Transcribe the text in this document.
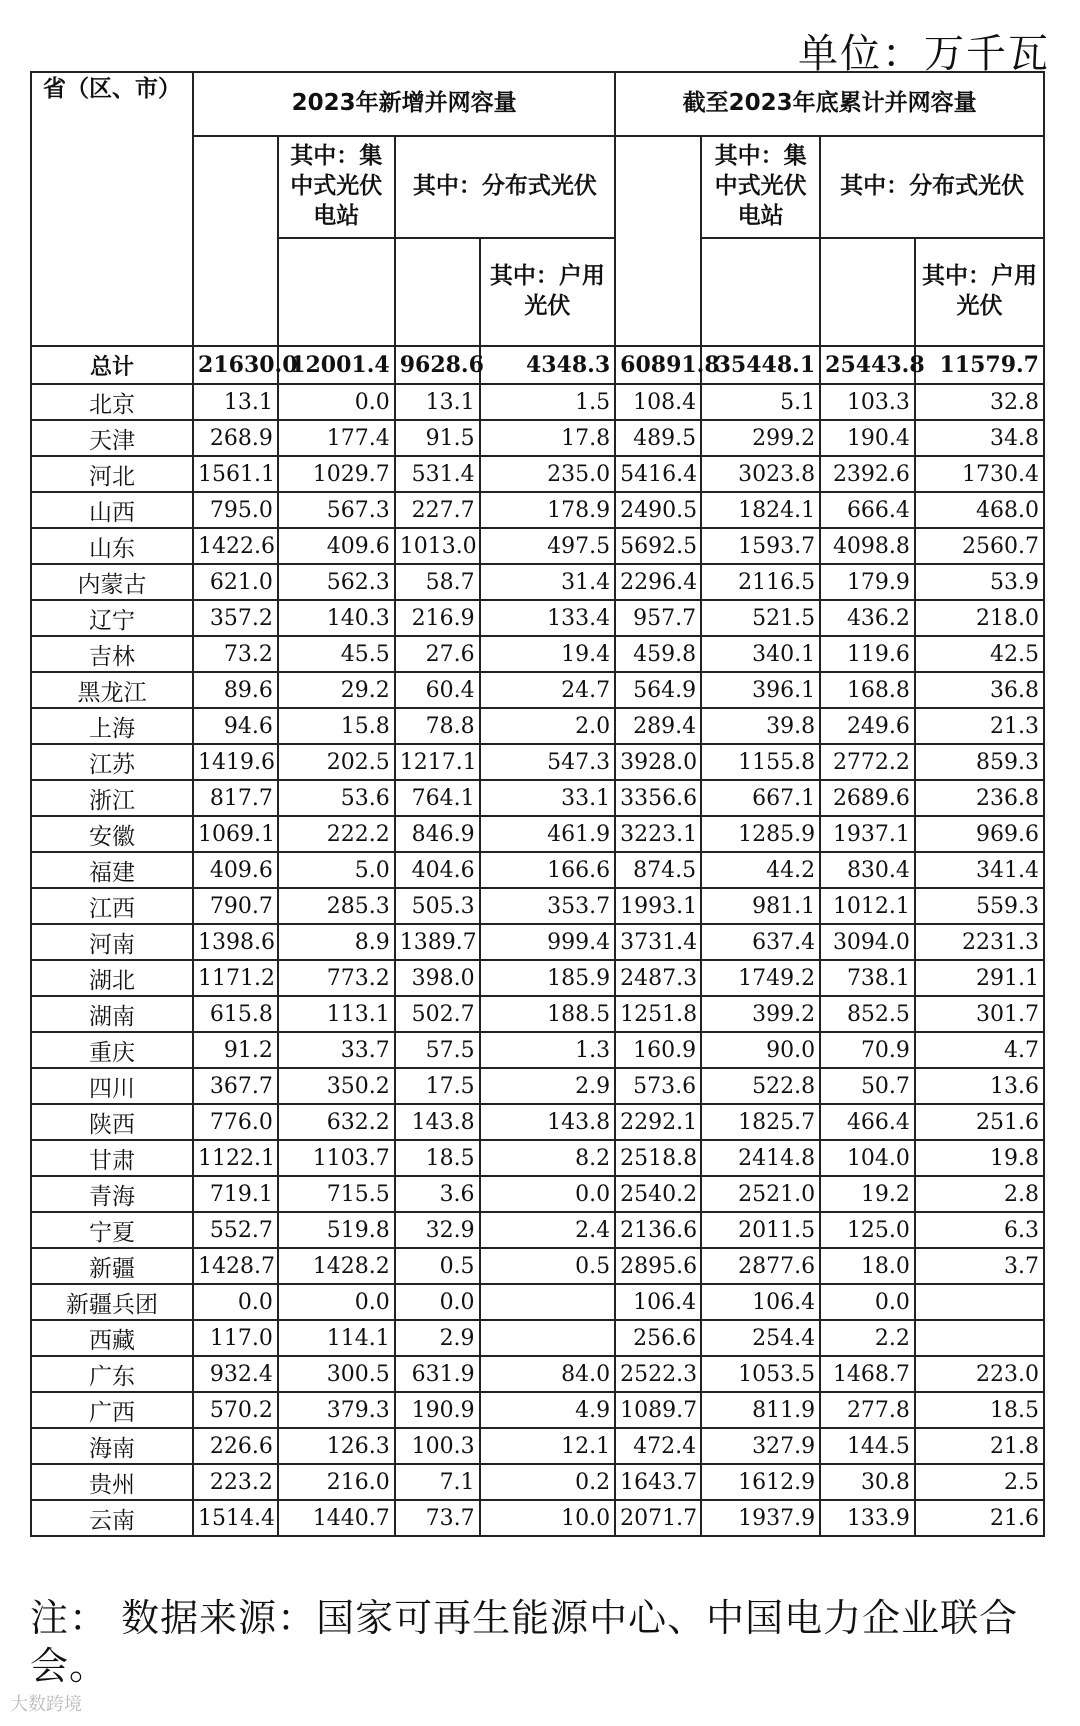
单位：万千瓦
省（区、市）	2023年新增并网容量				截至2023年底累计并网容量			
		其中：集中式光伏电站	其中：分布式光伏			其中：集中式光伏电站	其中：分布式光伏	
				其中：户用光伏				其中：户用光伏
总计	21630.0	12001.4	9628.6	4348.3	60891.8	35448.1	25443.8	11579.7
北京	13.1	0.0	13.1	1.5	108.4	5.1	103.3	32.8
天津	268.9	177.4	91.5	17.8	489.5	299.2	190.4	34.8
河北	1561.1	1029.7	531.4	235.0	5416.4	3023.8	2392.6	1730.4
山西	795.0	567.3	227.7	178.9	2490.5	1824.1	666.4	468.0
山东	1422.6	409.6	1013.0	497.5	5692.5	1593.7	4098.8	2560.7
内蒙古	621.0	562.3	58.7	31.4	2296.4	2116.5	179.9	53.9
辽宁	357.2	140.3	216.9	133.4	957.7	521.5	436.2	218.0
吉林	73.2	45.5	27.6	19.4	459.8	340.1	119.6	42.5
黑龙江	89.6	29.2	60.4	24.7	564.9	396.1	168.8	36.8
上海	94.6	15.8	78.8	2.0	289.4	39.8	249.6	21.3
江苏	1419.6	202.5	1217.1	547.3	3928.0	1155.8	2772.2	859.3
浙江	817.7	53.6	764.1	33.1	3356.6	667.1	2689.6	236.8
安徽	1069.1	222.2	846.9	461.9	3223.1	1285.9	1937.1	969.6
福建	409.6	5.0	404.6	166.6	874.5	44.2	830.4	341.4
江西	790.7	285.3	505.3	353.7	1993.1	981.1	1012.1	559.3
河南	1398.6	8.9	1389.7	999.4	3731.4	637.4	3094.0	2231.3
湖北	1171.2	773.2	398.0	185.9	2487.3	1749.2	738.1	291.1
湖南	615.8	113.1	502.7	188.5	1251.8	399.2	852.5	301.7
重庆	91.2	33.7	57.5	1.3	160.9	90.0	70.9	4.7
四川	367.7	350.2	17.5	2.9	573.6	522.8	50.7	13.6
陕西	776.0	632.2	143.8	143.8	2292.1	1825.7	466.4	251.6
甘肃	1122.1	1103.7	18.5	8.2	2518.8	2414.8	104.0	19.8
青海	719.1	715.5	3.6	0.0	2540.2	2521.0	19.2	2.8
宁夏	552.7	519.8	32.9	2.4	2136.6	2011.5	125.0	6.3
新疆	1428.7	1428.2	0.5	0.5	2895.6	2877.6	18.0	3.7
新疆兵团	0.0	0.0	0.0		106.4	106.4	0.0	
西藏	117.0	114.1	2.9		256.6	254.4	2.2	
广东	932.4	300.5	631.9	84.0	2522.3	1053.5	1468.7	223.0
广西	570.2	379.3	190.9	4.9	1089.7	811.9	277.8	18.5
海南	226.6	126.3	100.3	12.1	472.4	327.9	144.5	21.8
贵州	223.2	216.0	7.1	0.2	1643.7	1612.9	30.8	2.5
云南	1514.4	1440.7	73.7	10.0	2071.7	1937.9	133.9	21.6
注： 数据来源：国家可再生能源中心、中国电力企业联合会。
大数跨境
